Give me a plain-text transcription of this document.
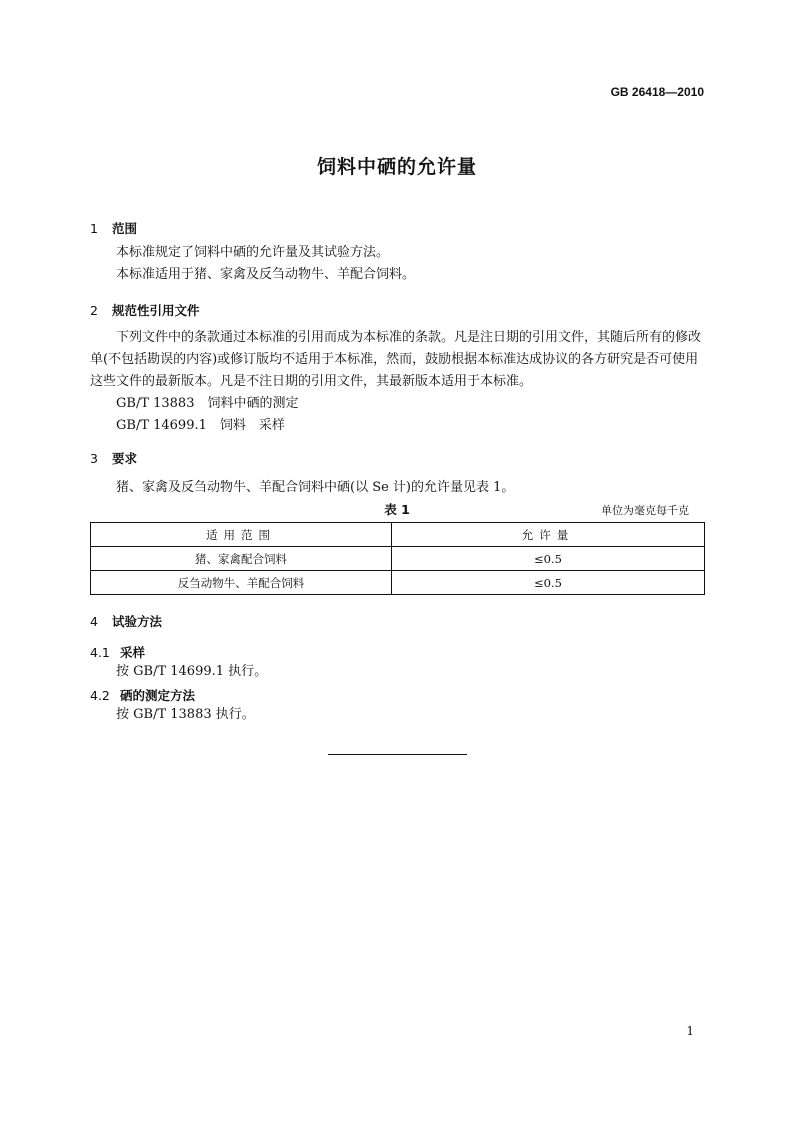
GB 26418—2010
饲料中硒的允许量
1 范围
本标准规定了饲料中硒的允许量及其试验方法。
本标准适用于猪、家禽及反刍动物牛、羊配合饲料。
2 规范性引用文件
下列文件中的条款通过本标准的引用而成为本标准的条款。凡是注日期的引用文件，其随后所有的修改单(不包括勘误的内容)或修订版均不适用于本标准，然而，鼓励根据本标准达成协议的各方研究是否可使用这些文件的最新版本。凡是不注日期的引用文件，其最新版本适用于本标准。
GB/T 13883　饲料中硒的测定
GB/T 14699.1　饲料　采样
3 要求
猪、家禽及反刍动物牛、羊配合饲料中硒(以 Se 计)的允许量见表 1。
表 1	单位为毫克每千克
适用范围	允许量
猪、家禽配合饲料	≤0.5
反刍动物牛、羊配合饲料	≤0.5
4 试验方法
4.1 采样
按 GB/T 14699.1 执行。
4.2 硒的测定方法
按 GB/T 13883 执行。
1
